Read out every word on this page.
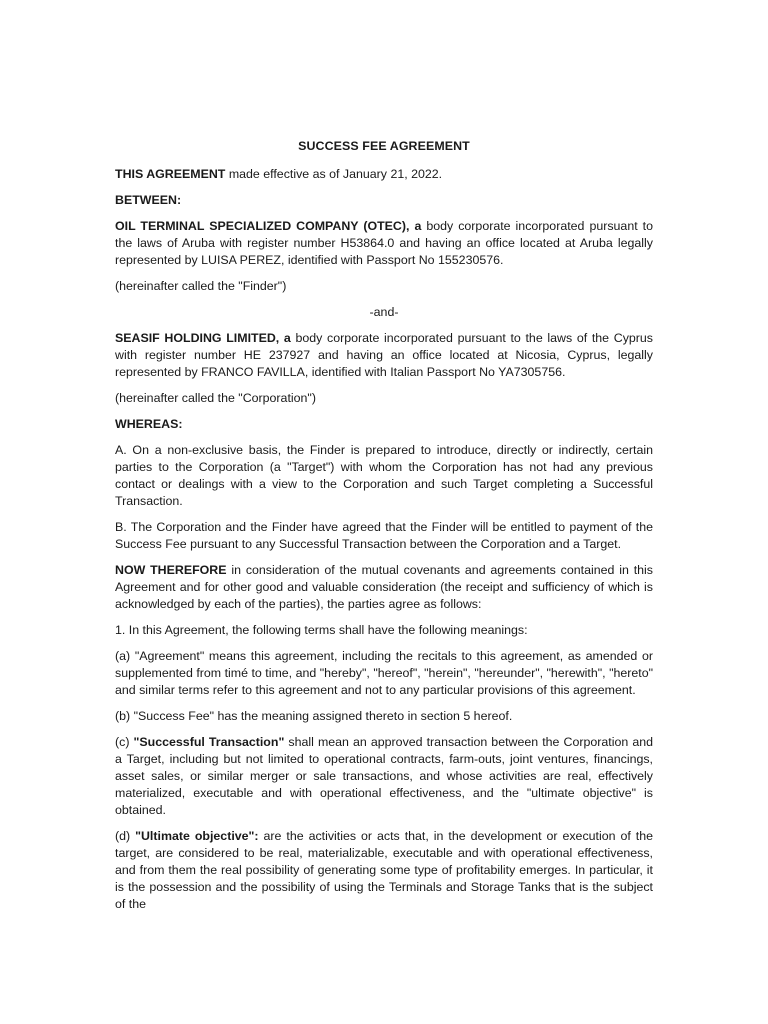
SUCCESS FEE AGREEMENT

THIS AGREEMENT made effective as of January 21, 2022.

BETWEEN:

OIL TERMINAL SPECIALIZED COMPANY (OTEC), a body corporate incorporated pursuant to the laws of Aruba with register number H53864.0 and having an office located at Aruba legally represented by LUISA PEREZ, identified with Passport No 155230576.

(hereinafter called the "Finder")

-and-

SEASIF HOLDING LIMITED, a body corporate incorporated pursuant to the laws of the Cyprus with register number HE 237927 and having an office located at Nicosia, Cyprus, legally represented by FRANCO FAVILLA, identified with Italian Passport No YA7305756.

(hereinafter called the "Corporation")

WHEREAS:

A. On a non-exclusive basis, the Finder is prepared to introduce, directly or indirectly, certain parties to the Corporation (a "Target") with whom the Corporation has not had any previous contact or dealings with a view to the Corporation and such Target completing a Successful Transaction.

B. The Corporation and the Finder have agreed that the Finder will be entitled to payment of the Success Fee pursuant to any Successful Transaction between the Corporation and a Target.

NOW THEREFORE in consideration of the mutual covenants and agreements contained in this Agreement and for other good and valuable consideration (the receipt and sufficiency of which is acknowledged by each of the parties), the parties agree as follows:

1. In this Agreement, the following terms shall have the following meanings:

(a) "Agreement" means this agreement, including the recitals to this agreement, as amended or supplemented from timé to time, and "hereby", "hereof", "herein", "hereunder", "herewith", "hereto" and similar terms refer to this agreement and not to any particular provisions of this agreement.

(b) "Success Fee" has the meaning assigned thereto in section 5 hereof.

(c) "Successful Transaction" shall mean an approved transaction between the Corporation and a Target, including but not limited to operational contracts, farm-outs, joint ventures, financings, asset sales, or similar merger or sale transactions, and whose activities are real, effectively materialized, executable and with operational effectiveness, and the "ultimate objective" is obtained.

(d) "Ultimate objective": are the activities or acts that, in the development or execution of the target, are considered to be real, materializable, executable and with operational effectiveness, and from them the real possibility of generating some type of profitability emerges. In particular, it is the possession and the possibility of using the Terminals and Storage Tanks that is the subject of the
